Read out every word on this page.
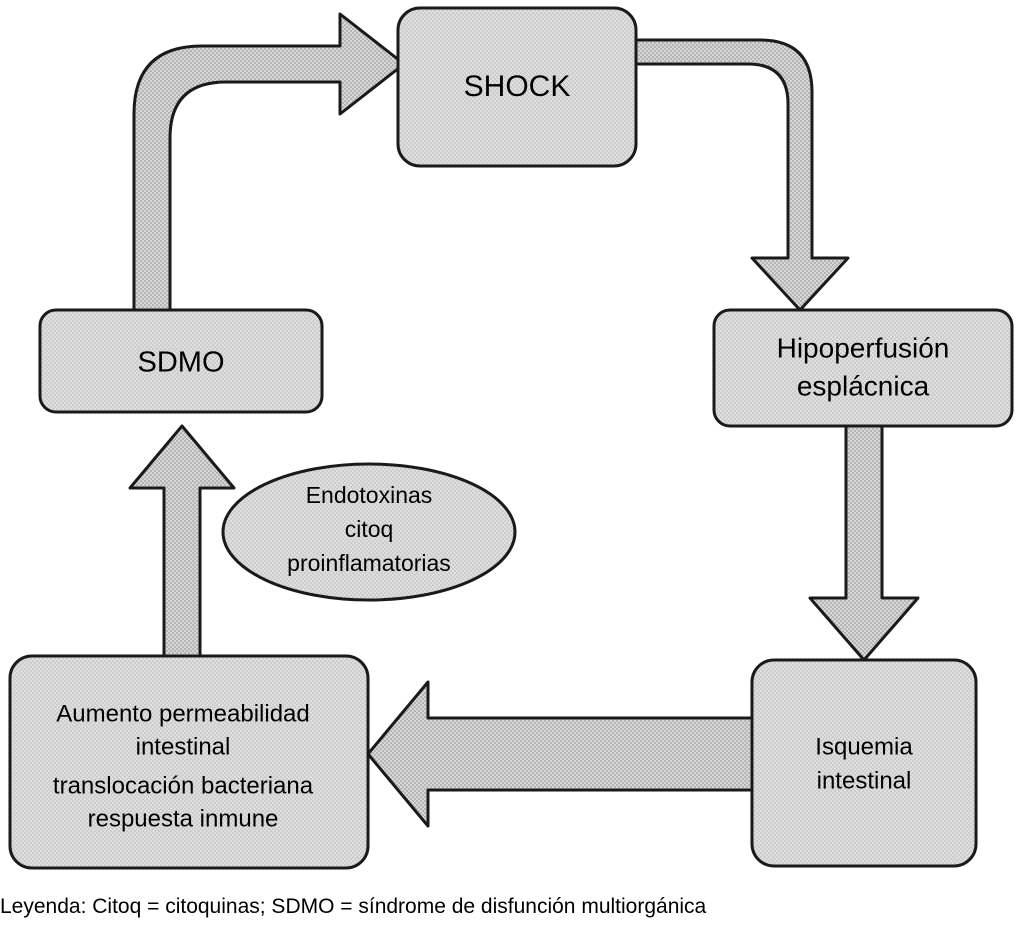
SHOCK
Hipoperfusión
esplácnica
Isquemia
intestinal
Aumento permeabilidad
intestinal
translocación bacteriana
respuesta inmune
SDMO
Endotoxinas
citoq
proinflamatorias
Leyenda: Citoq = citoquinas; SDMO = síndrome de disfunción multiorgánica
